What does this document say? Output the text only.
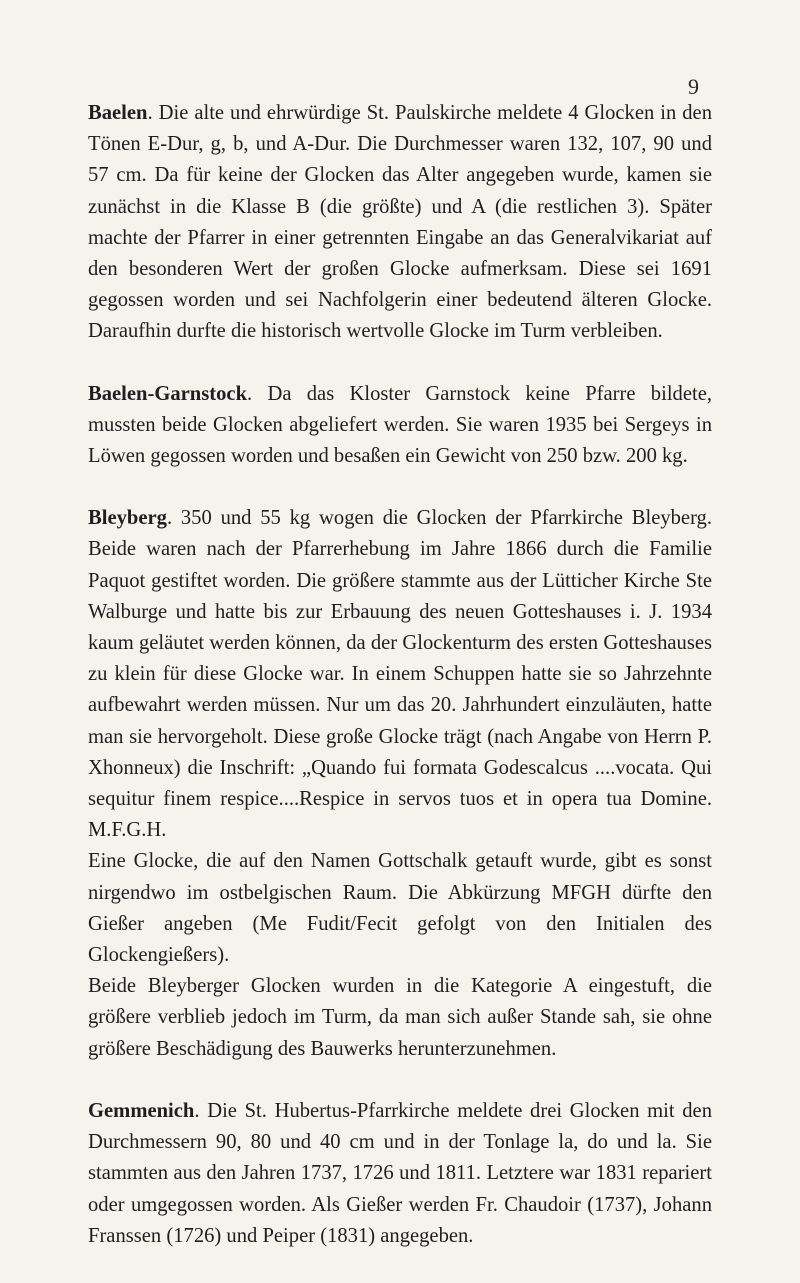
9

Baelen. Die alte und ehrwürdige St. Paulskirche meldete 4 Glocken in den Tönen E-Dur, g, b, und A-Dur. Die Durchmesser waren 132, 107, 90 und 57 cm. Da für keine der Glocken das Alter angegeben wurde, kamen sie zunächst in die Klasse B (die größte) und A (die restlichen 3). Später machte der Pfarrer in einer getrennten Eingabe an das Generalvikariat auf den besonderen Wert der großen Glocke aufmerksam. Diese sei 1691 gegossen worden und sei Nachfolgerin einer bedeutend älteren Glocke. Daraufhin durfte die historisch wertvolle Glocke im Turm verbleiben.

Baelen-Garnstock. Da das Kloster Garnstock keine Pfarre bildete, mussten beide Glocken abgeliefert werden. Sie waren 1935 bei Sergeys in Löwen gegossen worden und besaßen ein Gewicht von 250 bzw. 200 kg.

Bleyberg. 350 und 55 kg wogen die Glocken der Pfarrkirche Bleyberg. Beide waren nach der Pfarrerhebung im Jahre 1866 durch die Familie Paquot gestiftet worden. Die größere stammte aus der Lütticher Kirche Ste Walburge und hatte bis zur Erbauung des neuen Gotteshauses i. J. 1934 kaum geläutet werden können, da der Glockenturm des ersten Gotteshauses zu klein für diese Glocke war. In einem Schuppen hatte sie so Jahrzehnte aufbewahrt werden müssen. Nur um das 20. Jahrhundert einzuläuten, hatte man sie hervorgeholt. Diese große Glocke trägt (nach Angabe von Herrn P. Xhonneux) die Inschrift: „Quando fui formata Godescalcus ....vocata. Qui sequitur finem respice....Respice in servos tuos et in opera tua Domine. M.F.G.H.

Eine Glocke, die auf den Namen Gottschalk getauft wurde, gibt es sonst nirgendwo im ostbelgischen Raum. Die Abkürzung MFGH dürfte den Gießer angeben (Me Fudit/Fecit gefolgt von den Initialen des Glockengießers).

Beide Bleyberger Glocken wurden in die Kategorie A eingestuft, die größere verblieb jedoch im Turm, da man sich außer Stande sah, sie ohne größere Beschädigung des Bauwerks herunterzunehmen.

Gemmenich. Die St. Hubertus-Pfarrkirche meldete drei Glocken mit den Durchmessern 90, 80 und 40 cm und in der Tonlage la, do und la. Sie stammten aus den Jahren 1737, 1726 und 1811. Letztere war 1831 repariert oder umgegossen worden. Als Gießer werden Fr. Chaudoir (1737), Johann Franssen (1726) und Peiper (1831) angegeben.
